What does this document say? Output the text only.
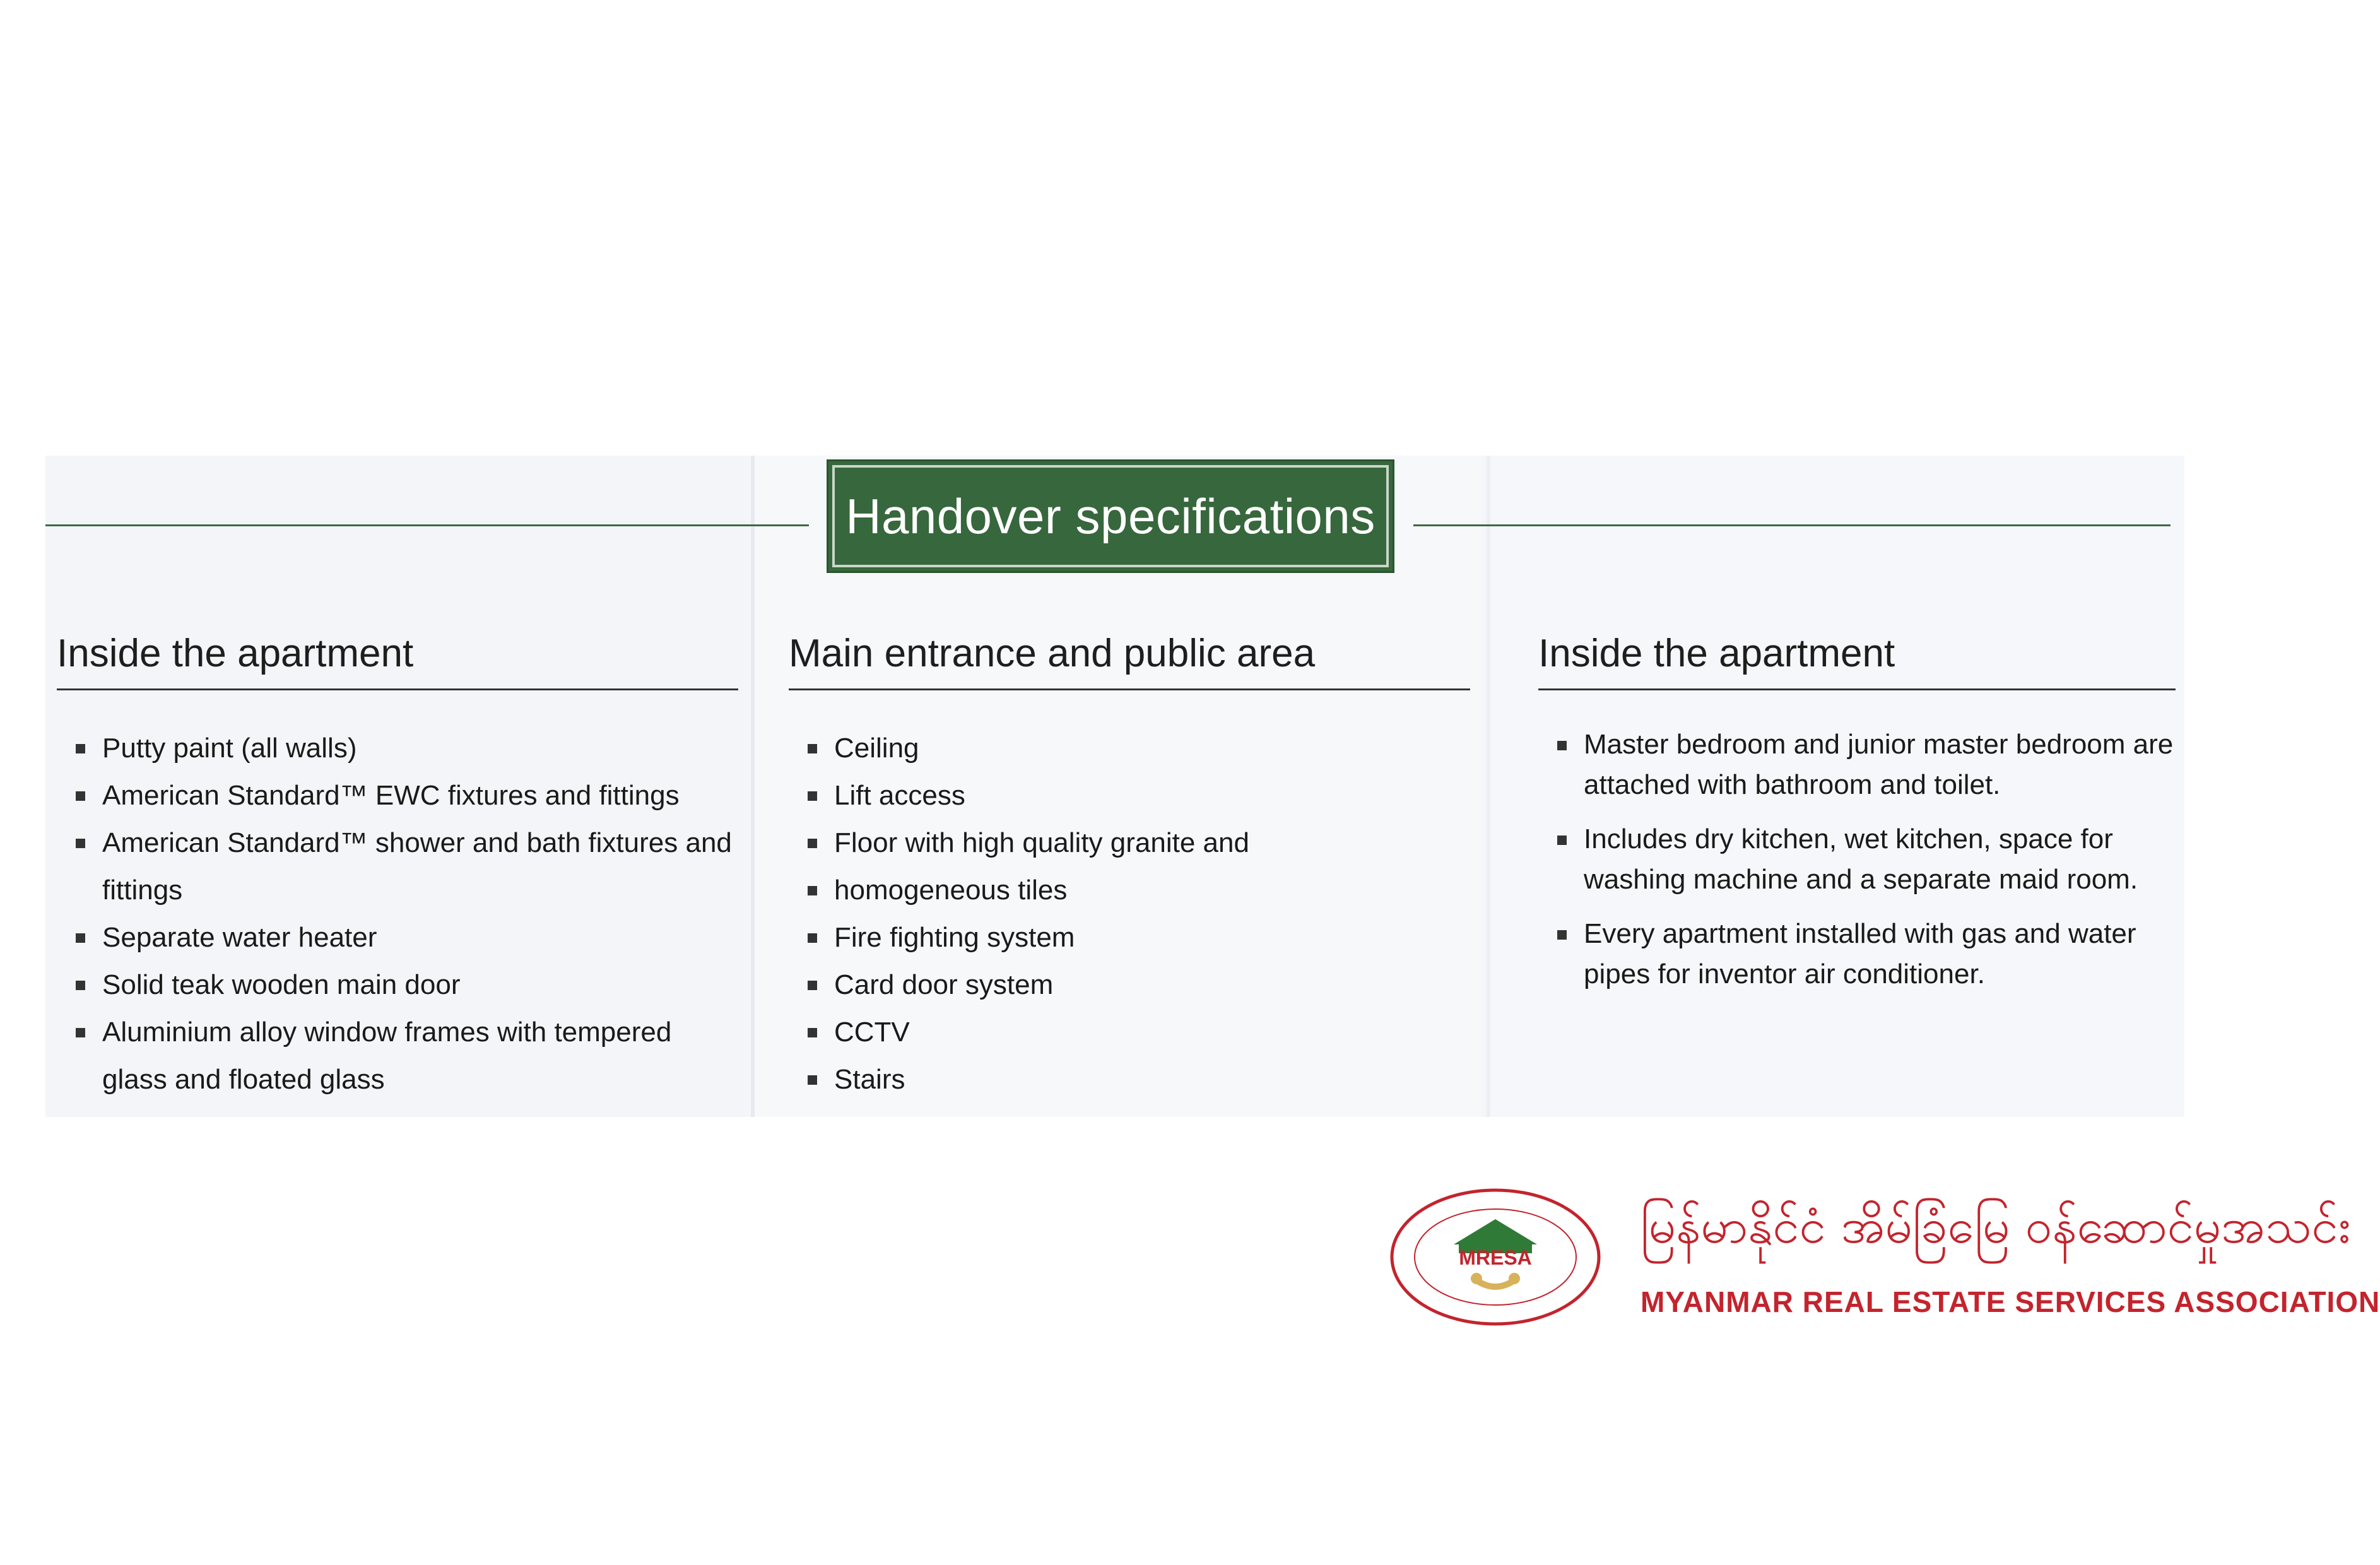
Handover specifications
Inside the apartment
Putty paint (all walls)
American Standard™ EWC fixtures and fittings
American Standard™ shower and bath fixtures and fittings
Separate water heater
Solid teak wooden main door
Aluminium alloy window frames with tempered glass and floated glass
Main entrance and public area
Ceiling
Lift access
Floor with high quality granite and
homogeneous tiles
Fire fighting system
Card door system
CCTV
Stairs
Inside the apartment
Master bedroom and junior master bedroom are attached with bathroom and toilet.
Includes dry kitchen, wet kitchen, space for washing machine and a separate maid room.
Every apartment installed with gas and water pipes for inventor air conditioner.
MRESA
မြန်မာနိုင်ငံ အိမ်ခြံမြေ ဝန်ဆောင်မှုအသင်း
MYANMAR REAL ESTATE SERVICES ASSOCIATION
